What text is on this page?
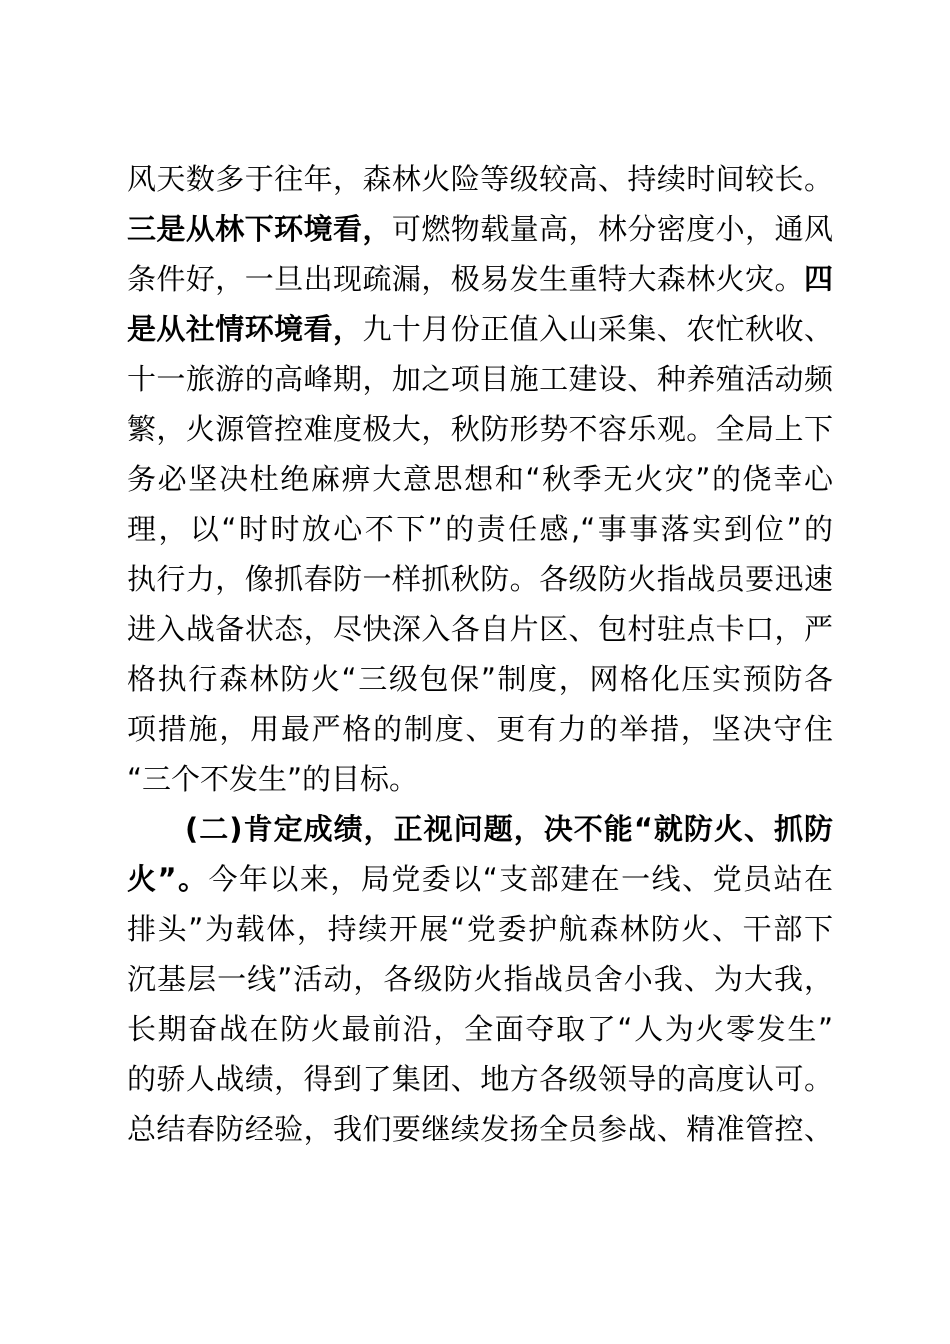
风天数多于往年，森林火险等级较高、持续时间较长。
三是从林下环境看，可燃物载量高，林分密度小，通风
条件好，一旦出现疏漏，极易发生重特大森林火灾。四
是从社情环境看，九十月份正值入山采集、农忙秋收、
十一旅游的高峰期，加之项目施工建设、种养殖活动频
繁，火源管控难度极大，秋防形势不容乐观。全局上下
务必坚决杜绝麻痹大意思想和“秋季无火灾”的侥幸心
理，以“时时放心不下”的责任感,“事事落实到位”的
执行力，像抓春防一样抓秋防。各级防火指战员要迅速
进入战备状态，尽快深入各自片区、包村驻点卡口，严
格执行森林防火“三级包保”制度，网格化压实预防各
项措施，用最严格的制度、更有力的举措，坚决守住
“三个不发生”的目标。
(二)肯定成绩，正视问题，决不能“就防火、抓防
火”。今年以来，局党委以“支部建在一线、党员站在
排头”为载体，持续开展“党委护航森林防火、干部下
沉基层一线”活动，各级防火指战员舍小我、为大我，
长期奋战在防火最前沿，全面夺取了“人为火零发生”
的骄人战绩，得到了集团、地方各级领导的高度认可。
总结春防经验，我们要继续发扬全员参战、精准管控、
